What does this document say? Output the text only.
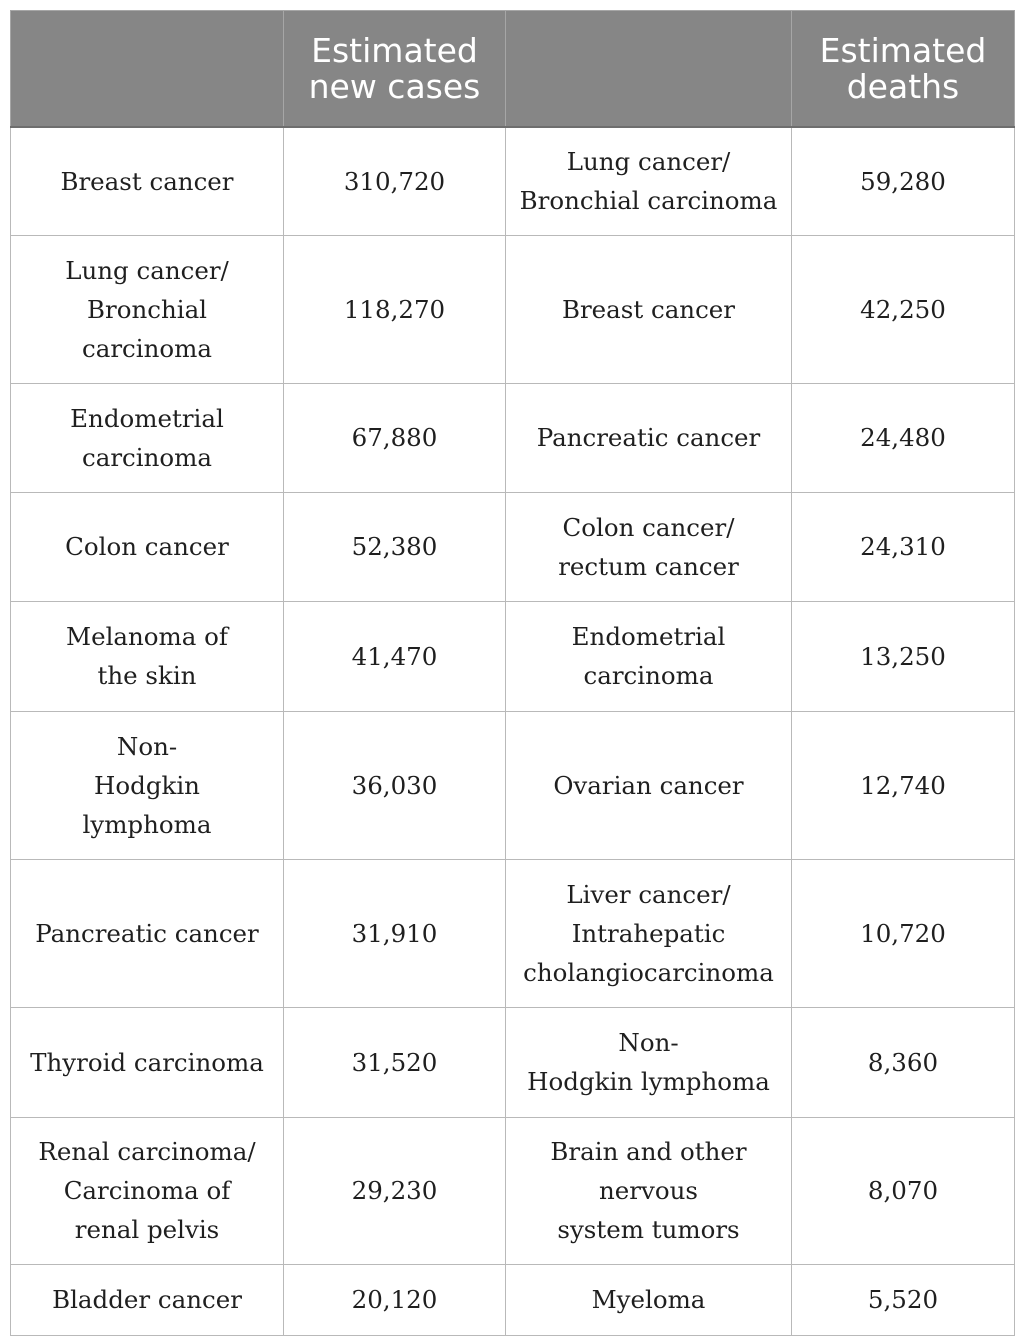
	Estimated
new cases		Estimated
deaths

Breast cancer	310,720	Lung cancer/
Bronchial carcinoma	59,280

Lung cancer/
Bronchial
carcinoma	118,270	Breast cancer	42,250

Endometrial
carcinoma	67,880	Pancreatic cancer	24,480

Colon cancer	52,380	Colon cancer/
rectum cancer	24,310

Melanoma of
the skin	41,470	Endometrial
carcinoma	13,250

Non-
Hodgkin
lymphoma	36,030	Ovarian cancer	12,740

Pancreatic cancer	31,910	Liver cancer/
Intrahepatic
cholangiocarcinoma	10,720

Thyroid carcinoma	31,520	Non-
Hodgkin lymphoma	8,360

Renal carcinoma/
Carcinoma of
renal pelvis	29,230	Brain and other
nervous
system tumors	8,070

Bladder cancer	20,120	Myeloma	5,520
